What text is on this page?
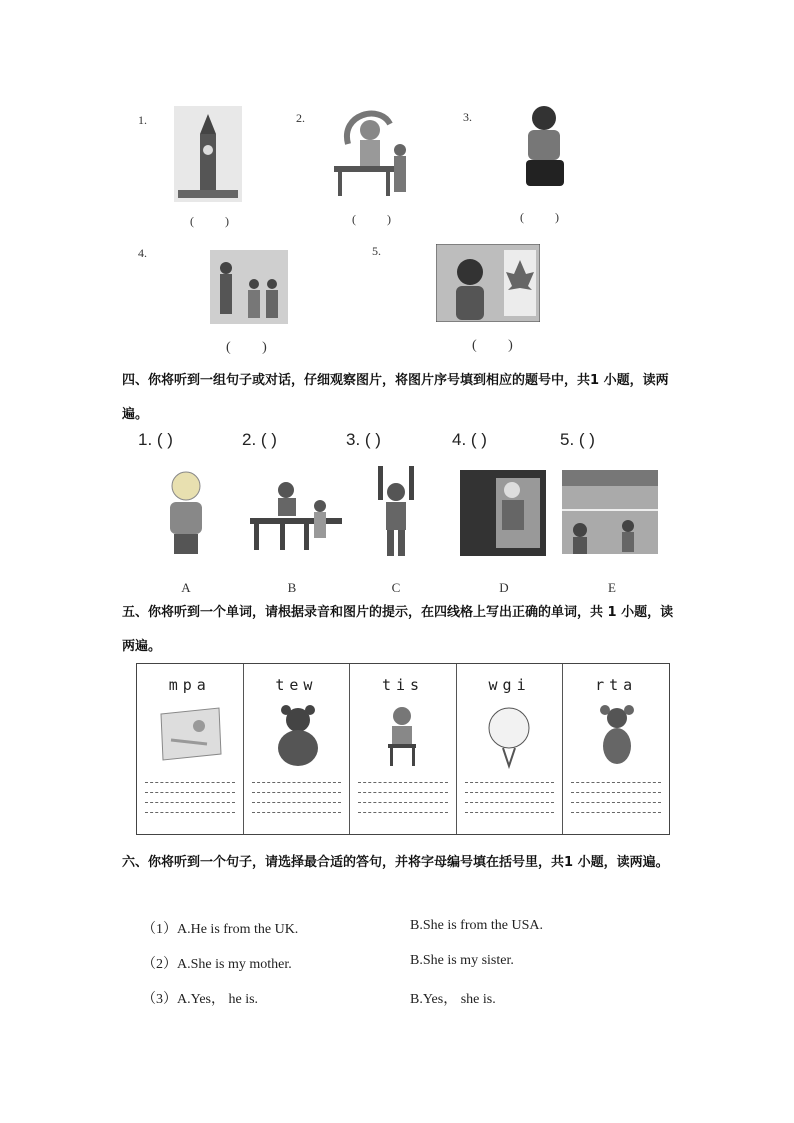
1.
( )
2.
( )
3.
( )
4.
( )
5.
( )
四、你将听到一组句子或对话，仔细观察图片，将图片序号填到相应的题号中，共1 小题，读两遍。
1. ( )	2. ( )	3. ( )	4. ( )	5. ( )
A	B	C	D	E
五、你将听到一个单词，请根据录音和图片的提示，在四线格上写出正确的单词，共 1 小题，读两遍。
mpa	tew	tis	wgi	rta
六、你将听到一个句子，请选择最合适的答句，并将字母编号填在括号里，共1 小题，读两遍。
（1）A.He is from the UK.	B.She is from the USA.
（2）A.She is my mother.	B.She is my sister.
（3）A.Yes， he is.	B.Yes， she is.
